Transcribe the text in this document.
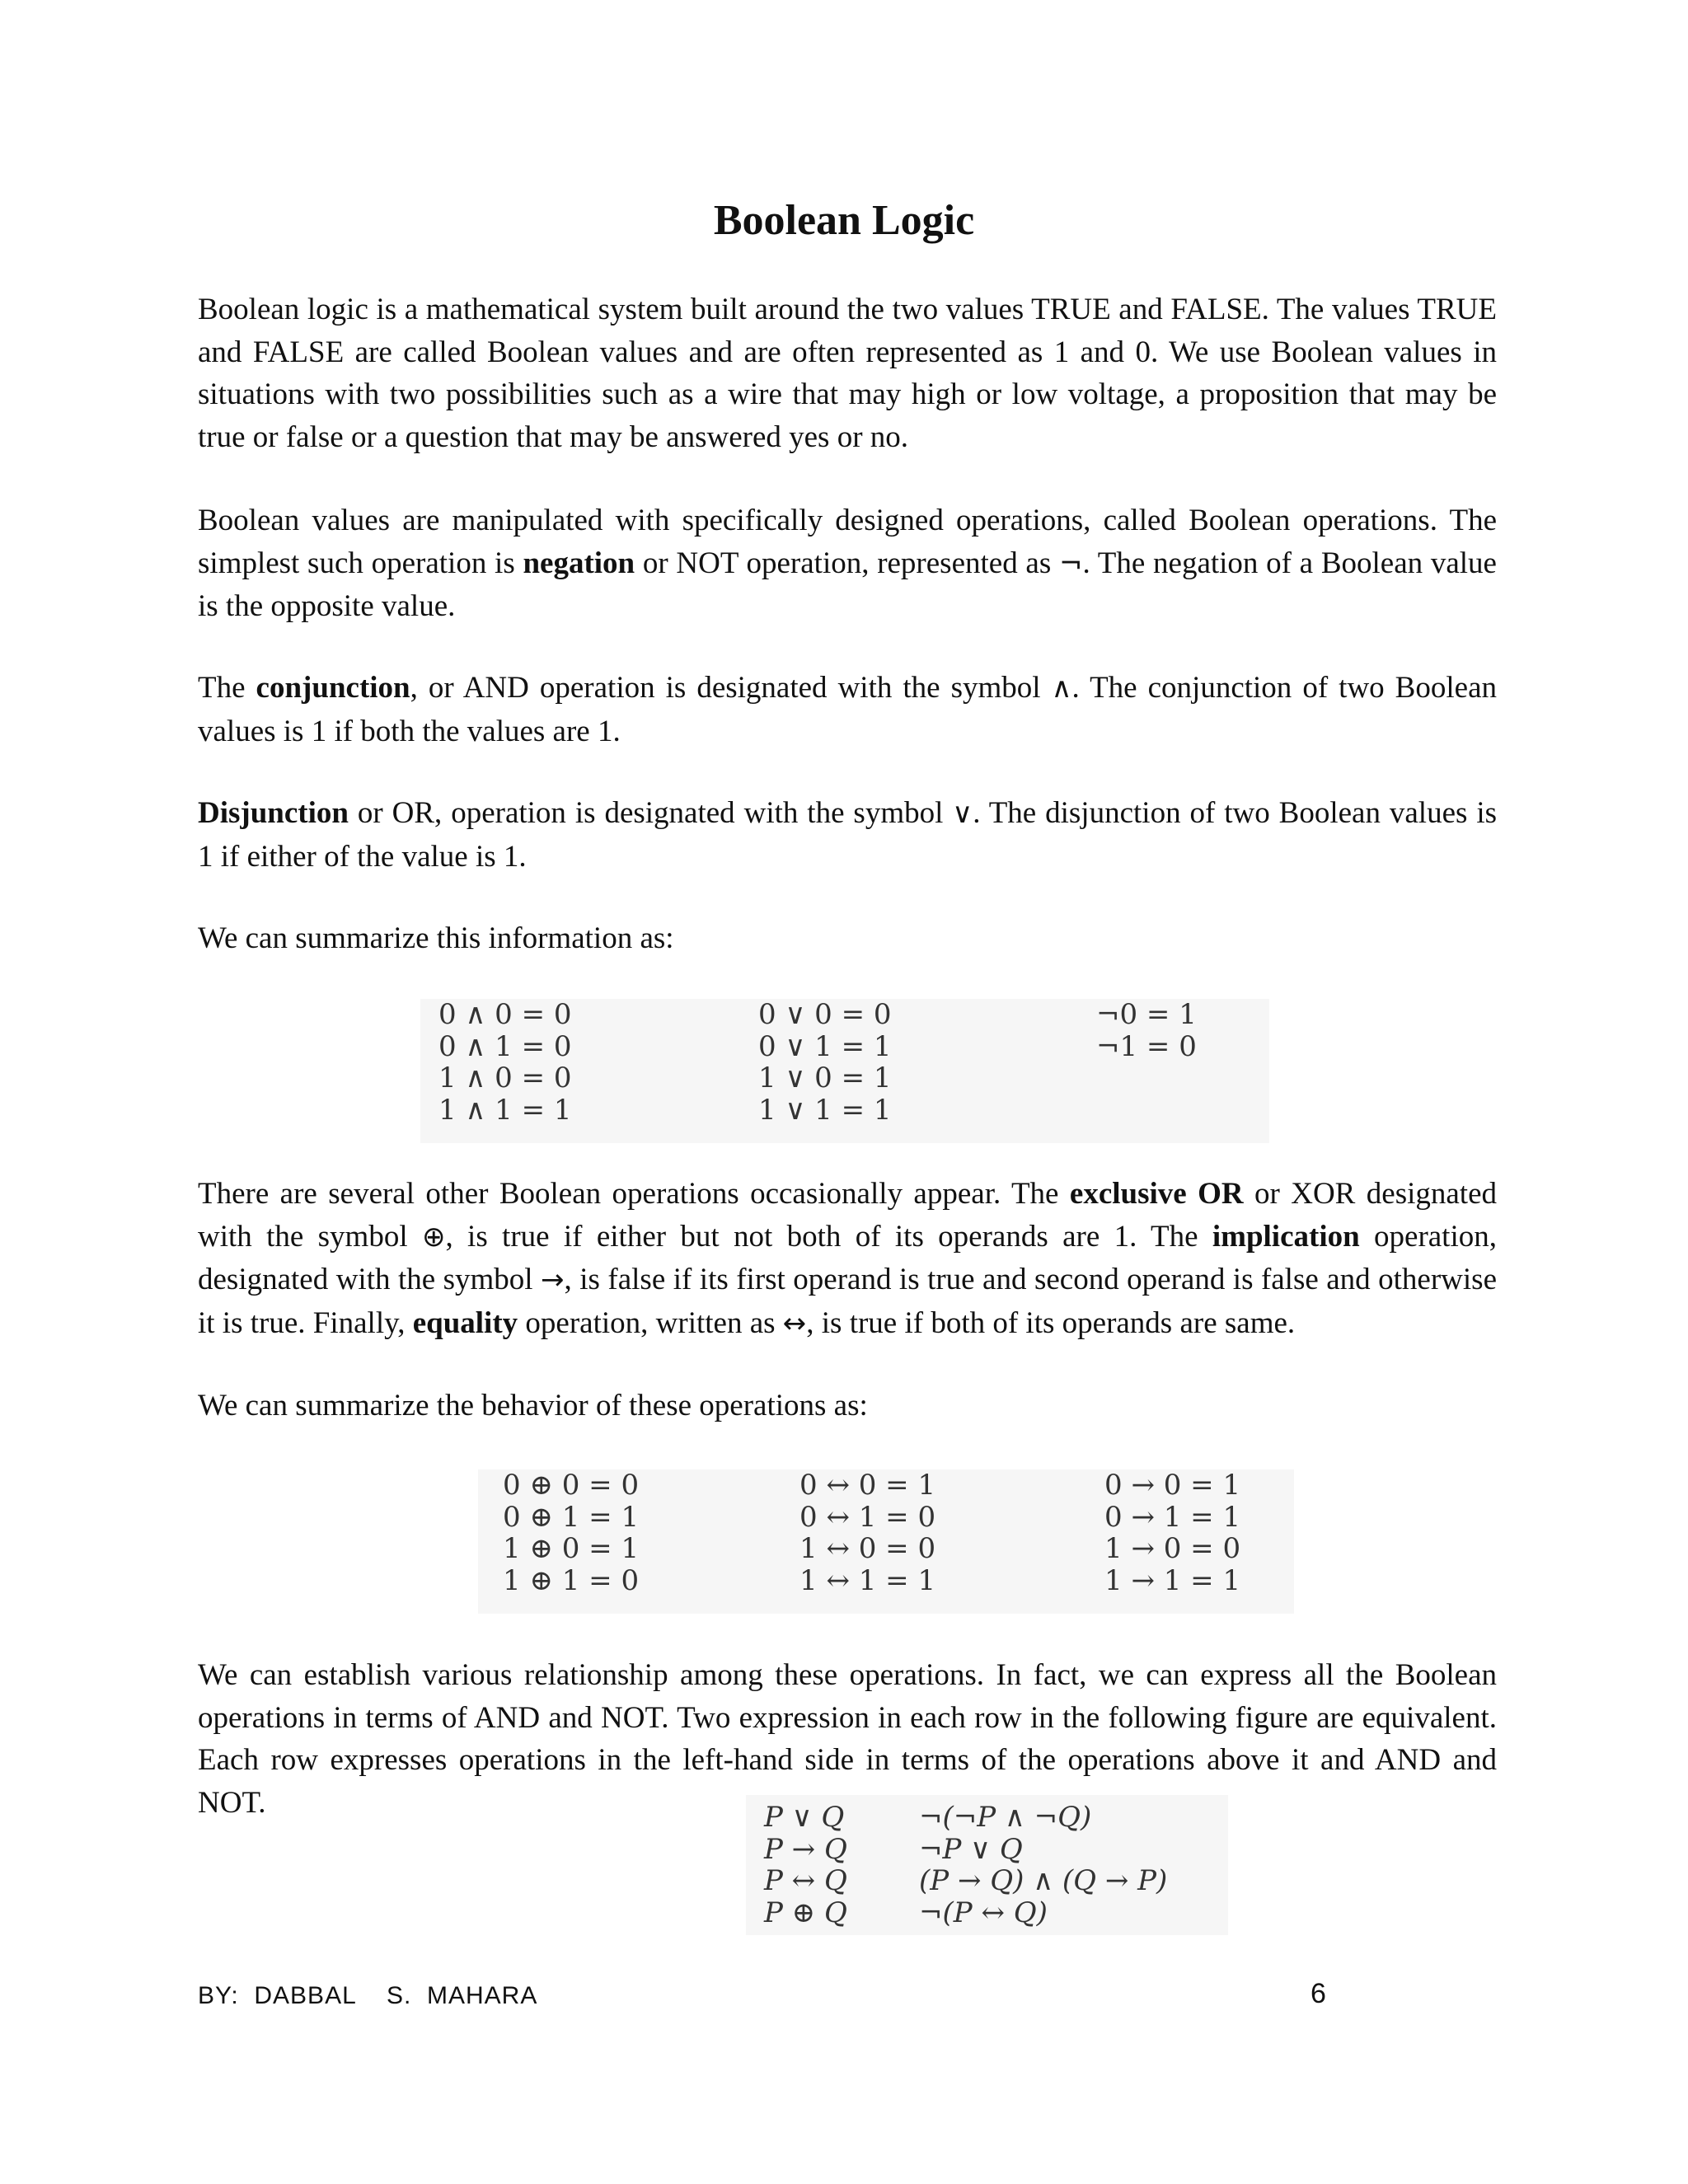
Boolean Logic

Boolean logic is a mathematical system built around the two values TRUE and FALSE. The values TRUE and FALSE are called Boolean values and are often represented as 1 and 0. We use Boolean values in situations with two possibilities such as a wire that may high or low voltage, a proposition that may be true or false or a question that may be answered yes or no.

Boolean values are manipulated with specifically designed operations, called Boolean operations. The simplest such operation is negation or NOT operation, represented as ¬. The negation of a Boolean value is the opposite value.

The conjunction, or AND operation is designated with the symbol ∧. The conjunction of two Boolean values is 1 if both the values are 1.

Disjunction or OR, operation is designated with the symbol ∨. The disjunction of two Boolean values is 1 if either of the value is 1.

We can summarize this information as:

0 ∧ 0 = 0
0 ∧ 1 = 0
1 ∧ 0 = 0
1 ∧ 1 = 1
0 ∨ 0 = 0
0 ∨ 1 = 1
1 ∨ 0 = 1
1 ∨ 1 = 1
¬0 = 1
¬1 = 0

There are several other Boolean operations occasionally appear. The exclusive OR or XOR designated with the symbol ⊕, is true if either but not both of its operands are 1. The implication operation, designated with the symbol →, is false if its first operand is true and second operand is false and otherwise it is true. Finally, equality operation, written as ↔, is true if both of its operands are same.

We can summarize the behavior of these operations as:

0 ⊕ 0 = 0
0 ⊕ 1 = 1
1 ⊕ 0 = 1
1 ⊕ 1 = 0
0 ↔ 0 = 1
0 ↔ 1 = 0
1 ↔ 0 = 0
1 ↔ 1 = 1
0 → 0 = 1
0 → 1 = 1
1 → 0 = 0
1 → 1 = 1

We can establish various relationship among these operations. In fact, we can express all the Boolean operations in terms of AND and NOT. Two expression in each row in the following figure are equivalent. Each row expresses operations in the left-hand side in terms of the operations above it and AND and NOT.	P ∨ Q
P → Q
P ↔ Q
P ⊕ Q
¬(¬P ∧ ¬Q)
¬P ∨ Q
(P → Q) ∧ (Q → P)
¬(P ↔ Q)
BY:  DABBAL    S.  MAHARA	6
